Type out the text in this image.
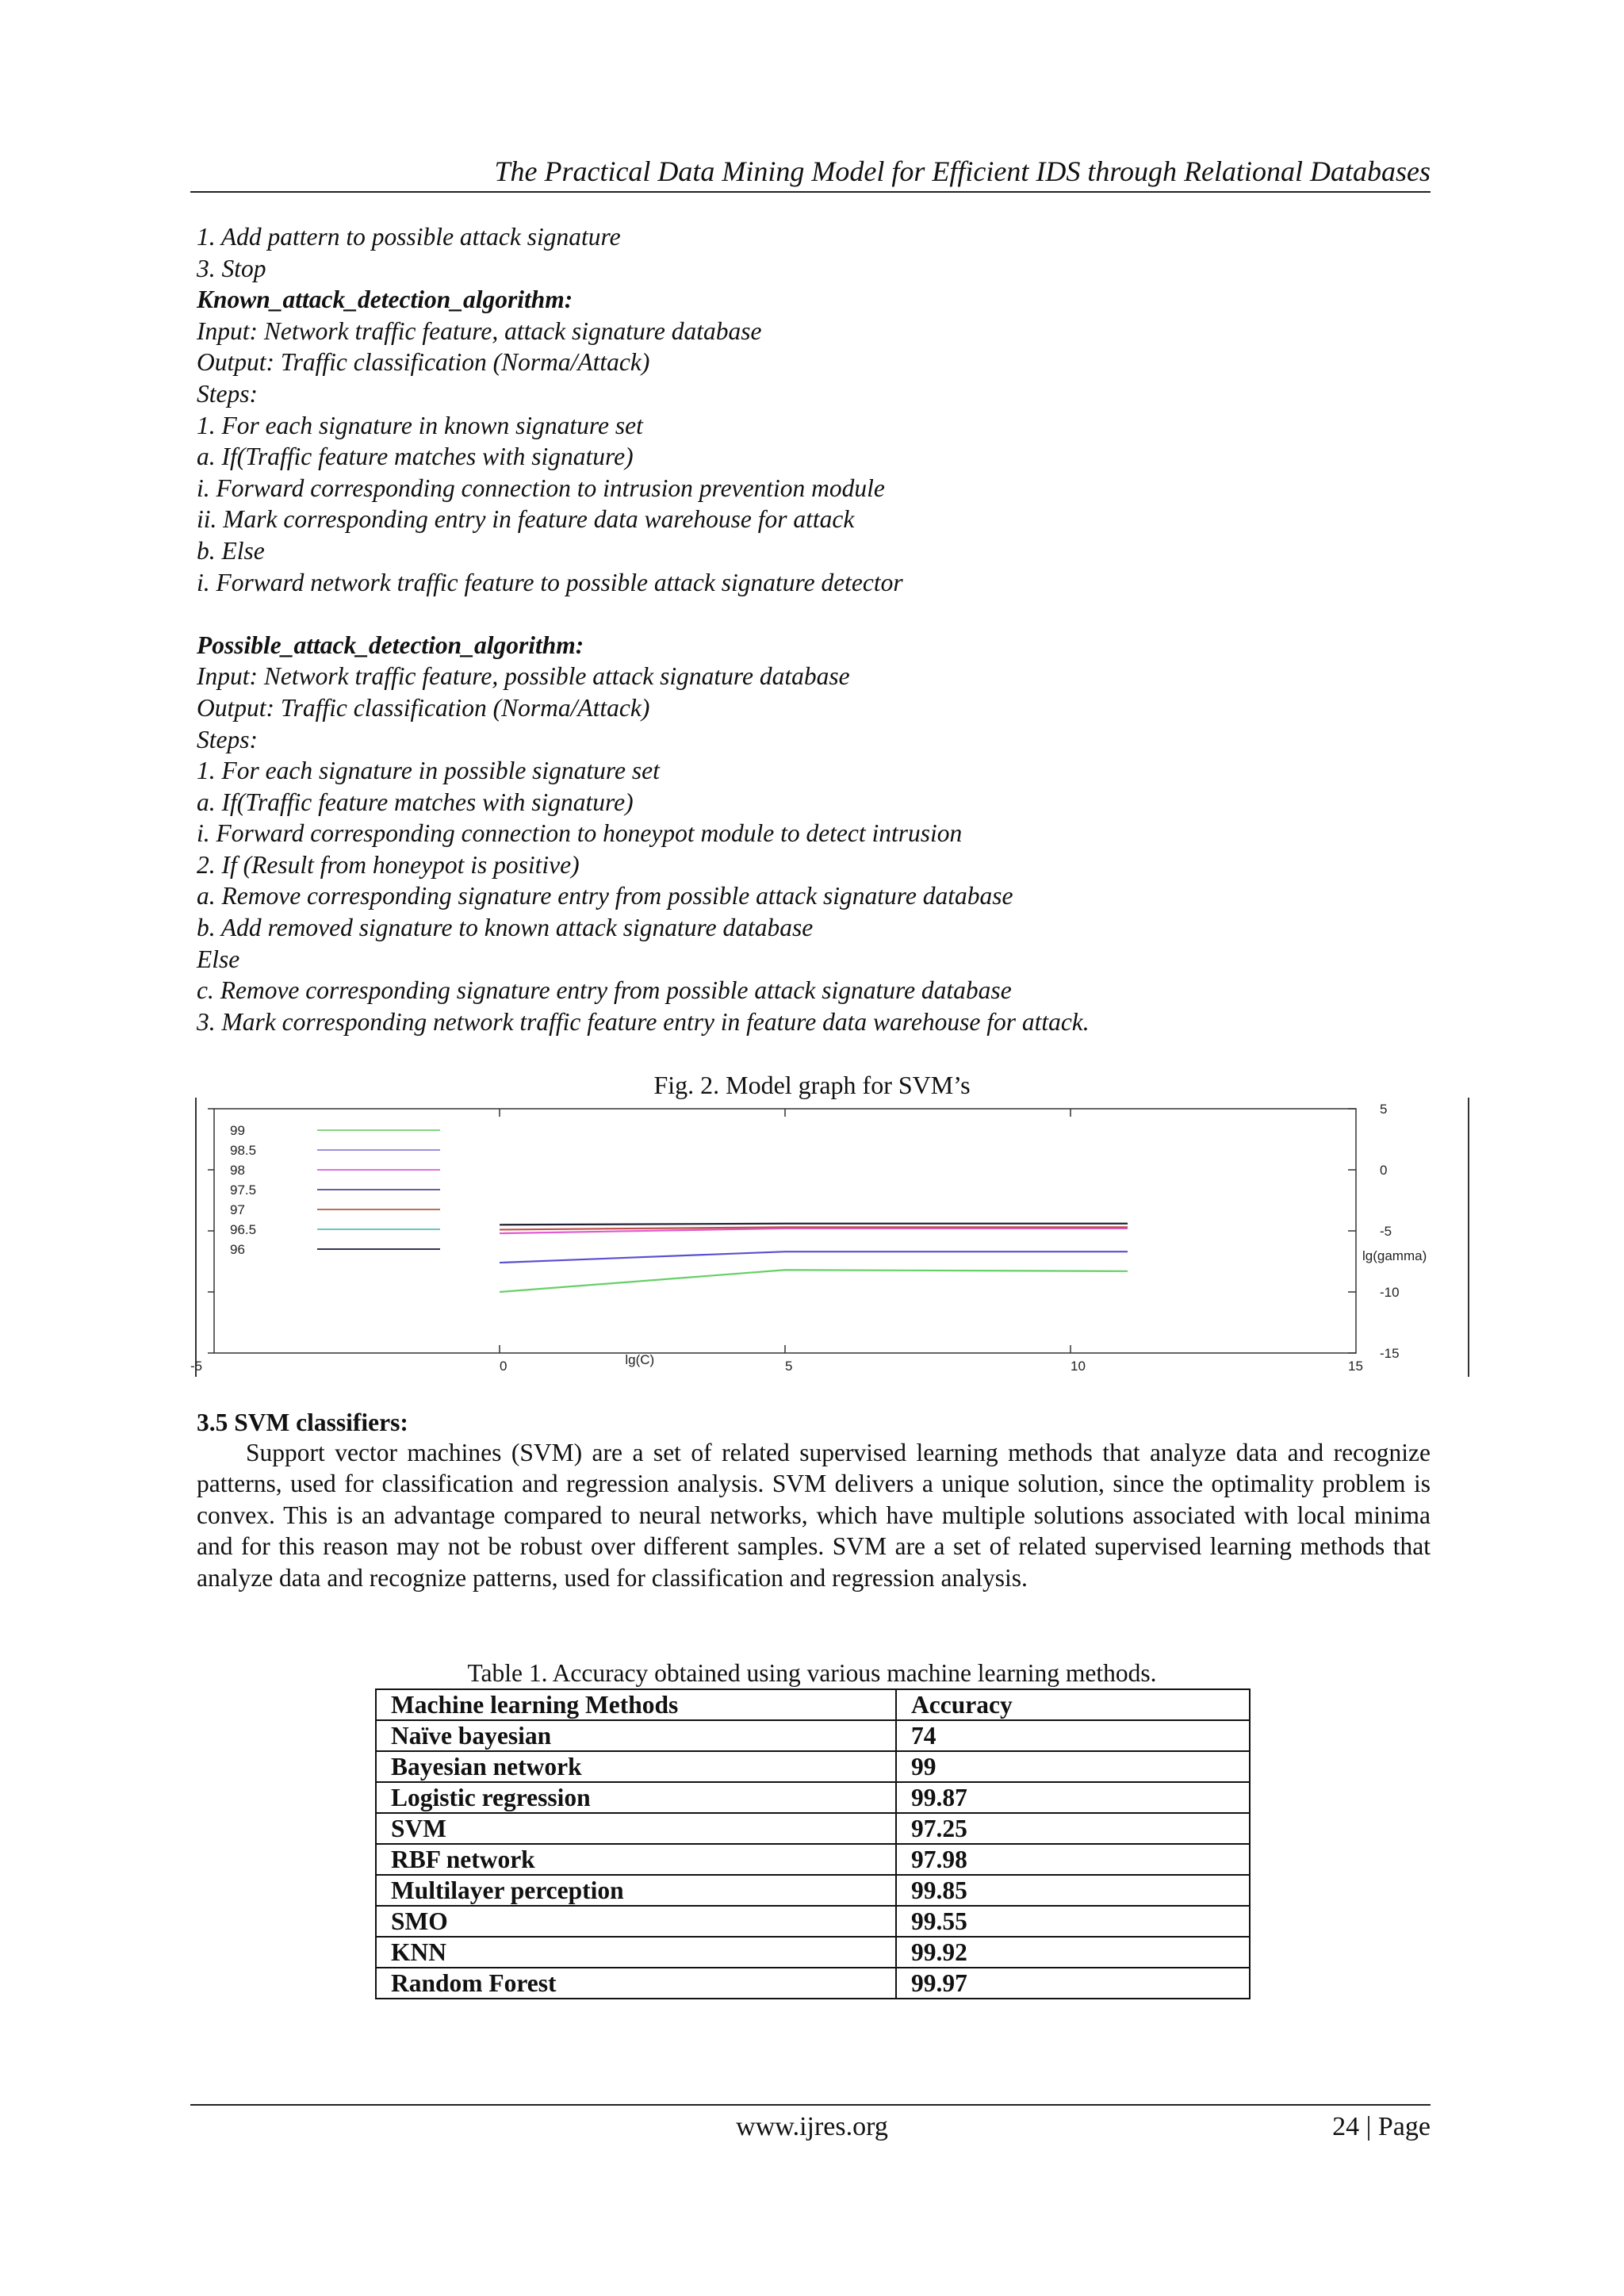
The Practical Data Mining Model for Efficient IDS through Relational Databases
1. Add pattern to possible attack signature
3. Stop
Known_attack_detection_algorithm:
Input: Network traffic feature, attack signature database
Output: Traffic classification (Norma/Attack)
Steps:
1. For each signature in known signature set
a. If(Traffic feature matches with signature)
i. Forward corresponding connection to intrusion prevention module
ii. Mark corresponding entry in feature data warehouse for attack
b. Else
i. Forward network traffic feature to possible attack signature detector
Possible_attack_detection_algorithm:
Input: Network traffic feature, possible attack signature database
Output: Traffic classification (Norma/Attack)
Steps:
1. For each signature in possible signature set
a. If(Traffic feature matches with signature)
i. Forward corresponding connection to honeypot module to detect intrusion
2. If (Result from honeypot is positive)
a. Remove corresponding signature entry from possible attack signature database
b. Add removed signature to known attack signature database
Else
c. Remove corresponding signature entry from possible attack signature database
3. Mark corresponding network traffic feature entry in feature data warehouse for attack.
Fig. 2. Model graph for SVM’s
-5	0	5	10	15
5
0
-5
-10
-15
99
98.5
98
97.5
97
96.5
96
lg(C)
lg(gamma)
3.5 SVM classifiers:
Support vector machines (SVM) are a set of related supervised learning methods that analyze data and recognize patterns, used for classification and regression analysis. SVM delivers a unique solution, since the optimality problem is convex. This is an advantage compared to neural networks, which have multiple solutions associated with local minima and for this reason may not be robust over different samples. SVM are a set of related supervised learning methods that analyze data and recognize patterns, used for classification and regression analysis.
Table 1. Accuracy obtained using various machine learning methods.
Machine learning Methods	Accuracy
Naïve bayesian	74
Bayesian network	99
Logistic regression	99.87
SVM	97.25
RBF network	97.98
Multilayer perception	99.85
SMO	99.55
KNN	99.92
Random Forest	99.97
www.ijres.org	24 | Page
